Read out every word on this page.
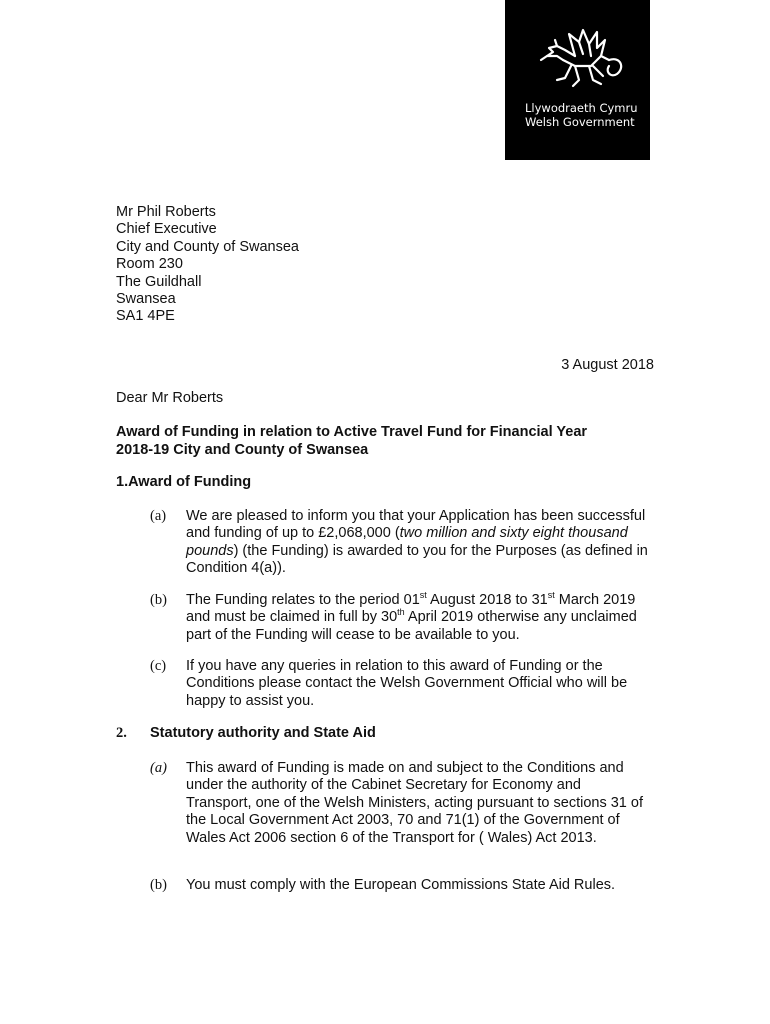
Llywodraeth Cymru
Welsh Government
Mr Phil Roberts
Chief Executive
City and County of Swansea
Room 230
The Guildhall
Swansea
SA1 4PE
3 August 2018
Dear Mr Roberts
Award of Funding in relation to Active Travel Fund for Financial Year
2018-19 City and County of Swansea
1.Award of Funding
(a) We are pleased to inform you that your Application has been successful and funding of up to £2,068,000 (two million and sixty eight thousand pounds) (the Funding) is awarded to you for the Purposes (as defined in Condition 4(a)).
(b) The Funding relates to the period 01st August 2018 to 31st March 2019 and must be claimed in full by 30th April 2019 otherwise any unclaimed part of the Funding will cease to be available to you.
(c) If you have any queries in relation to this award of Funding or the Conditions please contact the Welsh Government Official who will be happy to assist you.
2. Statutory authority and State Aid
(a) This award of Funding is made on and subject to the Conditions and under the authority of the Cabinet Secretary for Economy and Transport, one of the Welsh Ministers, acting pursuant to sections 31 of the Local Government Act 2003, 70 and 71(1) of the Government of Wales Act 2006 section 6 of the Transport for ( Wales) Act 2013.
(b) You must comply with the European Commissions State Aid Rules.
